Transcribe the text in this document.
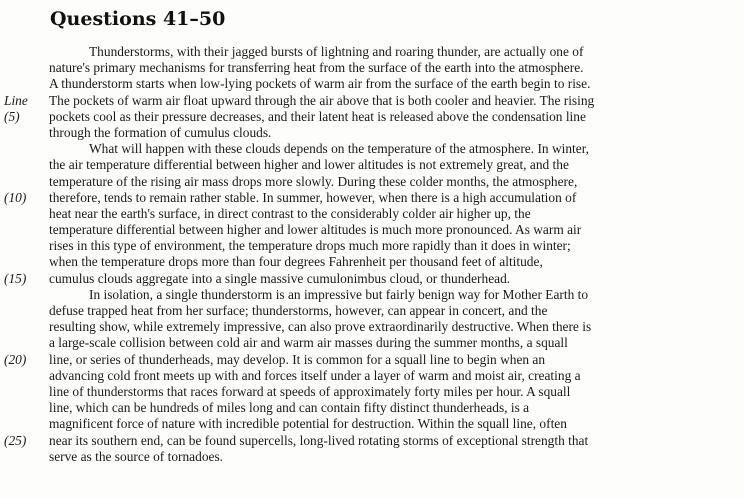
Questions 41–50
Thunderstorms, with their jagged bursts of lightning and roaring thunder, are actually one of
nature's primary mechanisms for transferring heat from the surface of the earth into the atmosphere.
A thunderstorm starts when low-lying pockets of warm air from the surface of the earth begin to rise.
Line The pockets of warm air float upward through the air above that is both cooler and heavier. The rising
(5) pockets cool as their pressure decreases, and their latent heat is released above the condensation line
through the formation of cumulus clouds.
What will happen with these clouds depends on the temperature of the atmosphere. In winter,
the air temperature differential between higher and lower altitudes is not extremely great, and the
temperature of the rising air mass drops more slowly. During these colder months, the atmosphere,
(10) therefore, tends to remain rather stable. In summer, however, when there is a high accumulation of
heat near the earth's surface, in direct contrast to the considerably colder air higher up, the
temperature differential between higher and lower altitudes is much more pronounced. As warm air
rises in this type of environment, the temperature drops much more rapidly than it does in winter;
when the temperature drops more than four degrees Fahrenheit per thousand feet of altitude,
(15) cumulus clouds aggregate into a single massive cumulonimbus cloud, or thunderhead.
In isolation, a single thunderstorm is an impressive but fairly benign way for Mother Earth to
defuse trapped heat from her surface; thunderstorms, however, can appear in concert, and the
resulting show, while extremely impressive, can also prove extraordinarily destructive. When there is
a large-scale collision between cold air and warm air masses during the summer months, a squall
(20) line, or series of thunderheads, may develop. It is common for a squall line to begin when an
advancing cold front meets up with and forces itself under a layer of warm and moist air, creating a
line of thunderstorms that races forward at speeds of approximately forty miles per hour. A squall
line, which can be hundreds of miles long and can contain fifty distinct thunderheads, is a
magnificent force of nature with incredible potential for destruction. Within the squall line, often
(25) near its southern end, can be found supercells, long-lived rotating storms of exceptional strength that
serve as the source of tornadoes.
